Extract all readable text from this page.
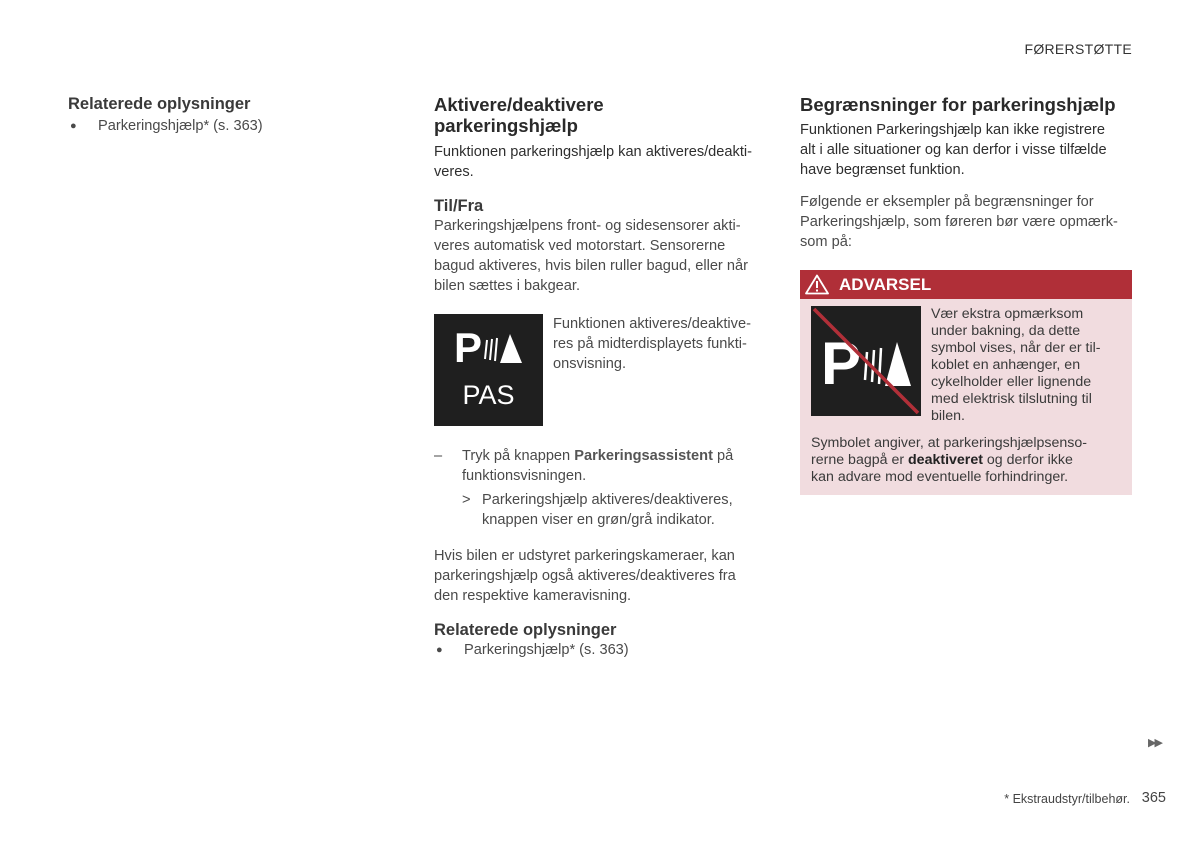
FØRERSTØTTE
Relaterede oplysninger
●	Parkeringshjælp* (s. 363)
Aktivere/deaktivere
parkeringshjælp

Funktionen parkeringshjælp kan aktiveres/deakti-
veres.

Til/Fra

Parkeringshjælpens front- og sidesensorer akti-
veres automatisk ved motorstart. Sensorerne
bagud aktiveres, hvis bilen ruller bagud, eller når
bilen sættes i bakgear.

P
PAS

Funktionen aktiveres/deaktive-
res på midterdisplayets funkti-
onsvisning.

–	Tryk på knappen Parkeringsassistent på
funktionsvisningen.
> Parkeringshjælp aktiveres/deaktiveres,
knappen viser en grøn/grå indikator.

Hvis bilen er udstyret parkeringskameraer, kan
parkeringshjælp også aktiveres/deaktiveres fra
den respektive kameravisning.

Relaterede oplysninger
●	Parkeringshjælp* (s. 363)
Begrænsninger for parkeringshjælp

Funktionen Parkeringshjælp kan ikke registrere
alt i alle situationer og kan derfor i visse tilfælde
have begrænset funktion.

Følgende er eksempler på begrænsninger for
Parkeringshjælp, som føreren bør være opmærk-
som på:

ADVARSEL
P
Vær ekstra opmærksom
under bakning, da dette
symbol vises, når der er til-
koblet en anhænger, en
cykelholder eller lignende
med elektrisk tilslutning til
bilen.
Symbolet angiver, at parkeringshjælpsenso-
rerne bagpå er deaktiveret og derfor ikke
kan advare mod eventuelle forhindringer.
▶▶
* Ekstraudstyr/tilbehør. 365
